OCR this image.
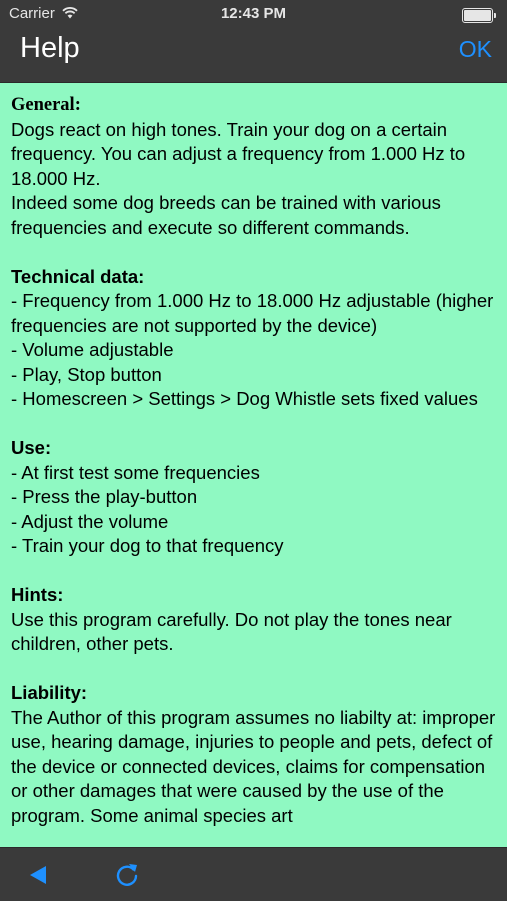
Carrier	12:43 PM
Help	OK
General:

Dogs react on high tones. Train your dog on a certain frequency. You can adjust a frequency from 1.000 Hz to 18.000 Hz.

Indeed some dog breeds can be trained with various frequencies and execute so different commands.

Technical data:

- Frequency from 1.000 Hz to 18.000 Hz adjustable (higher frequencies are not supported by the device)

- Volume adjustable

- Play, Stop button

- Homescreen > Settings > Dog Whistle sets fixed values

Use:

- At first test some frequencies

- Press the play-button

- Adjust the volume

- Train your dog to that frequency

Hints:

Use this program carefully. Do not play the tones near children, other pets.

Liability:

The Author of this program assumes no liabilty at: improper use, hearing damage, injuries to people and pets, defect of the device or connected devices, claims for compensation or other damages that were caused by the use of the program. Some animal species art
